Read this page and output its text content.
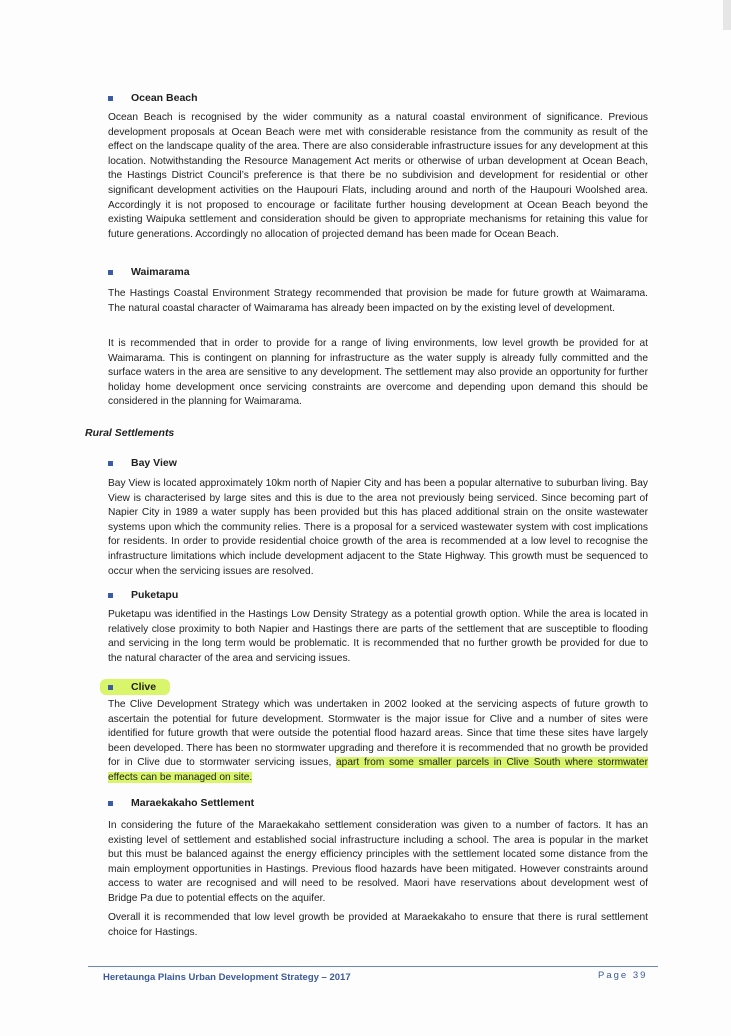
Ocean Beach
Ocean Beach is recognised by the wider community as a natural coastal environment of significance. Previous development proposals at Ocean Beach were met with considerable resistance from the community as result of the effect on the landscape quality of the area. There are also considerable infrastructure issues for any development at this location. Notwithstanding the Resource Management Act merits or otherwise of urban development at Ocean Beach, the Hastings District Council’s preference is that there be no subdivision and development for residential or other significant development activities on the Haupouri Flats, including around and north of the Haupouri Woolshed area. Accordingly it is not proposed to encourage or facilitate further housing development at Ocean Beach beyond the existing Waipuka settlement and consideration should be given to appropriate mechanisms for retaining this value for future generations. Accordingly no allocation of projected demand has been made for Ocean Beach.
Waimarama
The Hastings Coastal Environment Strategy recommended that provision be made for future growth at Waimarama. The natural coastal character of Waimarama has already been impacted on by the existing level of development.
It is recommended that in order to provide for a range of living environments, low level growth be provided for at Waimarama. This is contingent on planning for infrastructure as the water supply is already fully committed and the surface waters in the area are sensitive to any development. The settlement may also provide an opportunity for further holiday home development once servicing constraints are overcome and depending upon demand this should be considered in the planning for Waimarama.
Rural Settlements
Bay View
Bay View is located approximately 10km north of Napier City and has been a popular alternative to suburban living. Bay View is characterised by large sites and this is due to the area not previously being serviced. Since becoming part of Napier City in 1989 a water supply has been provided but this has placed additional strain on the onsite wastewater systems upon which the community relies. There is a proposal for a serviced wastewater system with cost implications for residents. In order to provide residential choice growth of the area is recommended at a low level to recognise the infrastructure limitations which include development adjacent to the State Highway. This growth must be sequenced to occur when the servicing issues are resolved.
Puketapu
Puketapu was identified in the Hastings Low Density Strategy as a potential growth option. While the area is located in relatively close proximity to both Napier and Hastings there are parts of the settlement that are susceptible to flooding and servicing in the long term would be problematic. It is recommended that no further growth be provided for due to the natural character of the area and servicing issues.
Clive
The Clive Development Strategy which was undertaken in 2002 looked at the servicing aspects of future growth to ascertain the potential for future development. Stormwater is the major issue for Clive and a number of sites were identified for future growth that were outside the potential flood hazard areas. Since that time these sites have largely been developed. There has been no stormwater upgrading and therefore it is recommended that no growth be provided for in Clive due to stormwater servicing issues, apart from some smaller parcels in Clive South where stormwater effects can be managed on site.
Maraekakaho Settlement
In considering the future of the Maraekakaho settlement consideration was given to a number of factors. It has an existing level of settlement and established social infrastructure including a school. The area is popular in the market but this must be balanced against the energy efficiency principles with the settlement located some distance from the main employment opportunities in Hastings. Previous flood hazards have been mitigated. However constraints around access to water are recognised and will need to be resolved. Maori have reservations about development west of Bridge Pa due to potential effects on the aquifer.
Overall it is recommended that low level growth be provided at Maraekakaho to ensure that there is rural settlement choice for Hastings.
Heretaunga Plains Urban Development Strategy – 2017	Page 39
